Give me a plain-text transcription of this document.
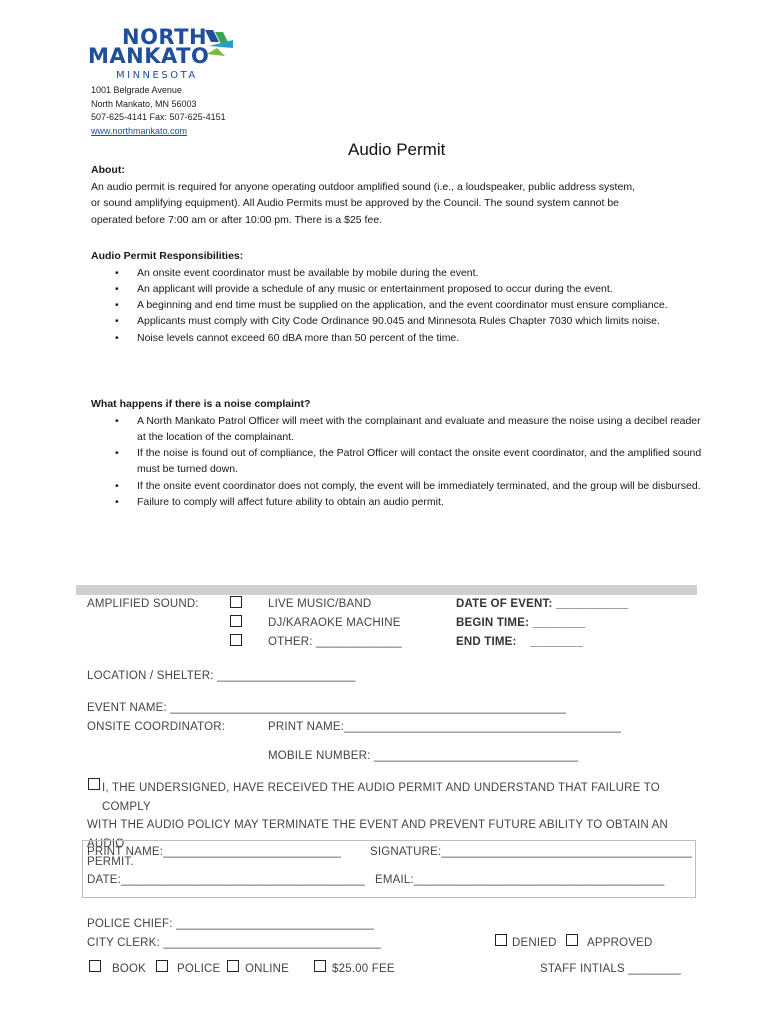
NORTH
MANKATO
MINNESOTA
1001 Belgrade Avenue
North Mankato, MN 56003
507-625-4141 Fax: 507-625-4151
www.northmankato.com
Audio Permit
About:
An audio permit is required for anyone operating outdoor amplified sound (i.e., a loudspeaker, public address system,
or sound amplifying equipment). All Audio Permits must be approved by the Council. The sound system cannot be
operated before 7:00 am or after 10:00 pm. There is a $25 fee.
Audio Permit Responsibilities:
• An onsite event coordinator must be available by mobile during the event.
• An applicant will provide a schedule of any music or entertainment proposed to occur during the event.
• A beginning and end time must be supplied on the application, and the event coordinator must ensure compliance.
• Applicants must comply with City Code Ordinance 90.045 and Minnesota Rules Chapter 7030 which limits noise.
• Noise levels cannot exceed 60 dBA more than 50 percent of the time.
What happens if there is a noise complaint?
• A North Mankato Patrol Officer will meet with the complainant and evaluate and measure the noise using a decibel reader at the location of the complainant.
• If the noise is found out of compliance, the Patrol Officer will contact the onsite event coordinator, and the amplified sound must be turned down.
• If the onsite event coordinator does not comply, the event will be immediately terminated, and the group will be disbursed.
• Failure to comply will affect future ability to obtain an audio permit.
AMPLIFIED SOUND:	LIVE MUSIC/BAND
DJ/KARAOKE MACHINE
OTHER: _____________
DATE OF EVENT: ___________
BEGIN TIME: ________
END TIME:    ________
LOCATION / SHELTER: _____________________
EVENT NAME: ____________________________________________________________
ONSITE COORDINATOR:	PRINT NAME:__________________________________________
MOBILE NUMBER: _______________________________
I, THE UNDERSIGNED, HAVE RECEIVED THE AUDIO PERMIT AND UNDERSTAND THAT FAILURE TO COMPLY
WITH THE AUDIO POLICY MAY TERMINATE THE EVENT AND PREVENT FUTURE ABILITY TO OBTAIN AN AUDIO
PERMIT.
PRINT NAME:___________________________	SIGNATURE:______________________________________
DATE:_____________________________________ EMAIL:______________________________________
POLICE CHIEF: ______________________________
CITY CLERK: _________________________________	DENIED	APPROVED
BOOK	POLICE ONLINE	$25.00 FEE	STAFF INTIALS ________
